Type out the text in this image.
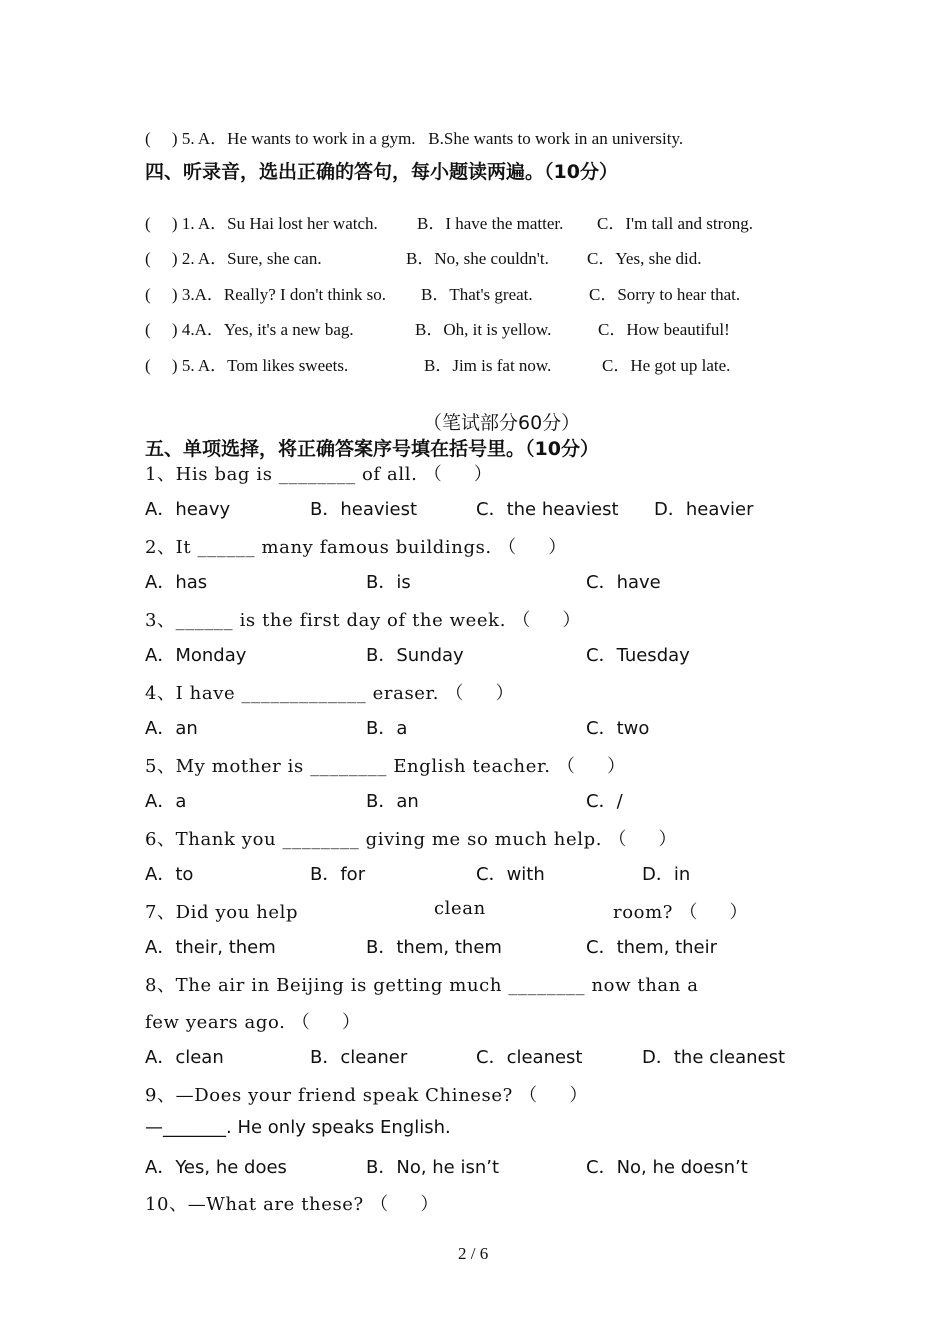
(     ) 5. A．He wants to work in a gym.   B.She wants to work in an university.
四、听录音，选出正确的答句，每小题读两遍。（10分）
(     ) 1. A．Su Hai lost her watch. B．I have the matter. C．I'm tall and strong.
(     ) 2. A．Sure, she can.	B．No, she couldn't. C．Yes, she did.
(     ) 3.A．Really? I don't think so. B．That's great.	C．Sorry to hear that.
(     ) 4.A．Yes, it's a new bag.	B．Oh, it is yellow.	C．How beautiful!
(     ) 5. A．Tom likes sweets.	B．Jim is fat now.	C．He got up late.
（笔试部分60分）
五、单项选择，将正确答案序号填在括号里。（10分）
1、His bag is ________ of all. （     ）
A．heavy	B．heaviest	C．the heaviest D．heavier
2、It ______ many famous buildings. （     ）
A．has	B．is	C．have
3、______ is the first day of the week. （     ）
A．Monday	B．Sunday	C．Tuesday
4、I have _____________ eraser. （     ）
A．an	B．a	C．two
5、My mother is ________ English teacher. （     ）
A．a	B．an	C．/
6、Thank you ________ giving me so much help. （     ）
A．to	B．for	C．with	D．in
7、Did you help	clean	room? （     ）
A．their, them	B．them, them	C．them, their
8、The air in Beijing is getting much ________ now than a
few years ago. （     ）
A．clean	B．cleaner	C．cleanest	D．the cleanest
9、—Does your friend speak Chinese? （     ）
—_______. He only speaks English.
A．Yes, he does	B．No, he isn’t	C．No, he doesn’t
10、—What are these? （     ）
2 / 6
